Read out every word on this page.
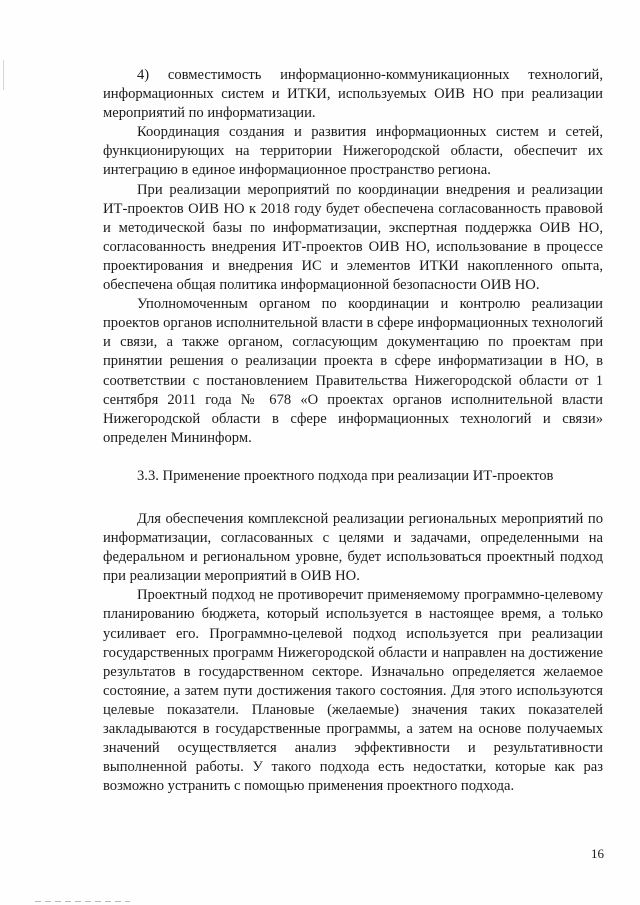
4) совместимость информационно-коммуникационных технологий, информационных систем и ИТКИ, используемых ОИВ НО при реализации мероприятий по информатизации.

Координация создания и развития информационных систем и сетей, функционирующих на территории Нижегородской области, обеспечит их интеграцию в единое информационное пространство региона.

При реализации мероприятий по координации внедрения и реализации ИТ-проектов ОИВ НО к 2018 году будет обеспечена согласованность правовой и методической базы по информатизации, экспертная поддержка ОИВ НО, согласованность внедрения ИТ-проектов ОИВ НО, использование в процессе проектирования и внедрения ИС и элементов ИТКИ накопленного опыта, обеспечена общая политика информационной безопасности ОИВ НО.

Уполномоченным органом по координации и контролю реализации проектов органов исполнительной власти в сфере информационных технологий и связи, а также органом, согласующим документацию по проектам при принятии решения о реализации проекта в сфере информатизации в НО, в соответствии с постановлением Правительства Нижегородской области от 1 сентября 2011 года № 678 «О проектах органов исполнительной власти Нижегородской области в сфере информационных технологий и связи» определен Мининформ.

3.3. Применение проектного подхода при реализации ИТ-проектов

Для обеспечения комплексной реализации региональных мероприятий по информатизации, согласованных с целями и задачами, определенными на федеральном и региональном уровне, будет использоваться проектный подход при реализации мероприятий в ОИВ НО.

Проектный подход не противоречит применяемому программно-целевому планированию бюджета, который используется в настоящее время, а только усиливает его. Программно-целевой подход используется при реализации государственных программ Нижегородской области и направлен на достижение результатов в государственном секторе. Изначально определяется желаемое состояние, а затем пути достижения такого состояния. Для этого используются целевые показатели. Плановые (желаемые) значения таких показателей закладываются в государственные программы, а затем на основе получаемых значений осуществляется анализ эффективности и результативности выполненной работы. У такого подхода есть недостатки, которые как раз возможно устранить с помощью применения проектного подхода.

16
